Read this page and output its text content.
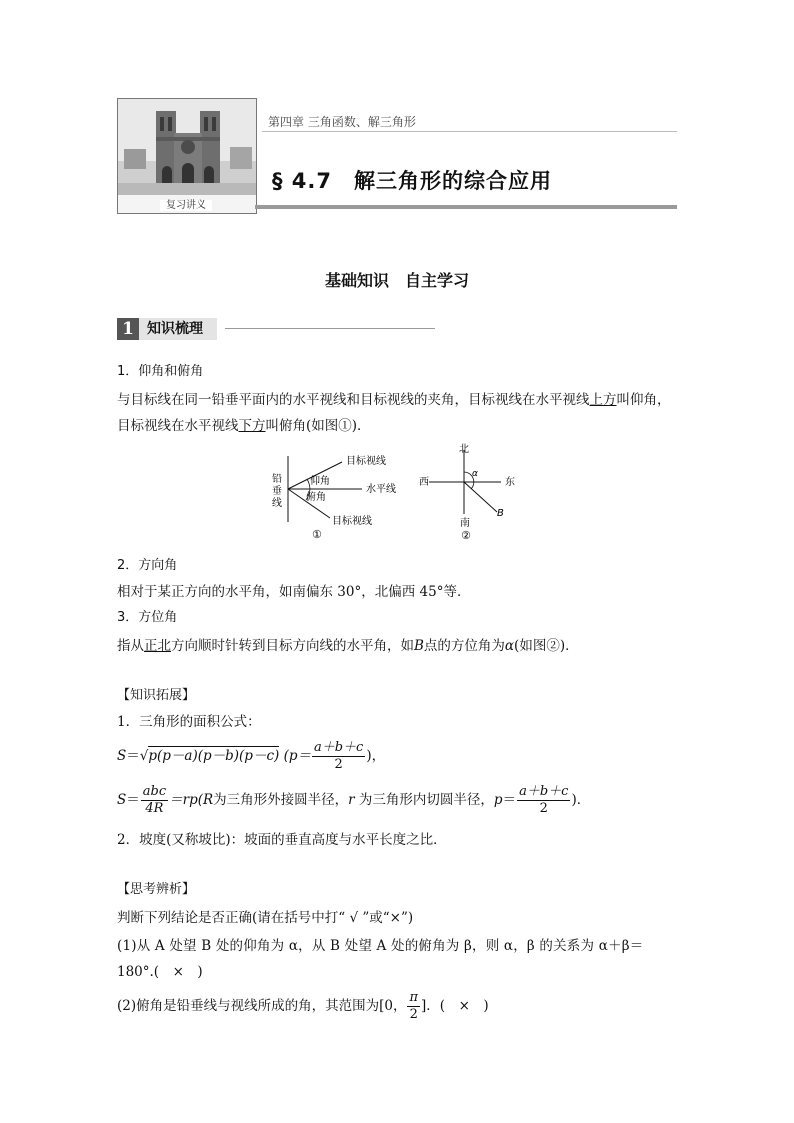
复习讲义
第四章 三角函数、解三角形
§ 4.7　解三角形的综合应用
基础知识　自主学习
1 知识梳理
1．仰角和俯角
与目标线在同一铅垂平面内的水平视线和目标视线的夹角，目标视线在水平视线上方叫仰角，
目标视线在水平视线下方叫俯角(如图①)．
铅
垂
线
目标视线
仰角
水平线
俯角
目标视线
①
北
西	东
南
α
B
②
2．方向角
相对于某正方向的水平角，如南偏东 30°，北偏西 45°等．
3．方位角
指从正北方向顺时针转到目标方向线的水平角，如B点的方位角为α(如图②)．
【知识拓展】
1．三角形的面积公式：
S＝√p(p－a)(p－b)(p－c) ($p= \frac{a+b+c}{2}$ )，
$S= \frac{\text{abc}}{4R} =rp(R$为三角形外接圆半径，r 为三角形内切圆半径，$p= \frac{a+b+c}{2}$ )．
2．坡度(又称坡比)：坡面的垂直高度与水平长度之比．
【思考辨析】
判断下列结论是否正确(请在括号中打“ √ ”或“×”)
(1)从 A 处望 B 处的仰角为 α，从 B 处望 A 处的俯角为 β，则 α，β 的关系为 α＋β＝
180°.(　×　)
(2)俯角是铅垂线与视线所成的角，其范围为[0， $\frac{\pi}{2}$ ]．(　×　)
